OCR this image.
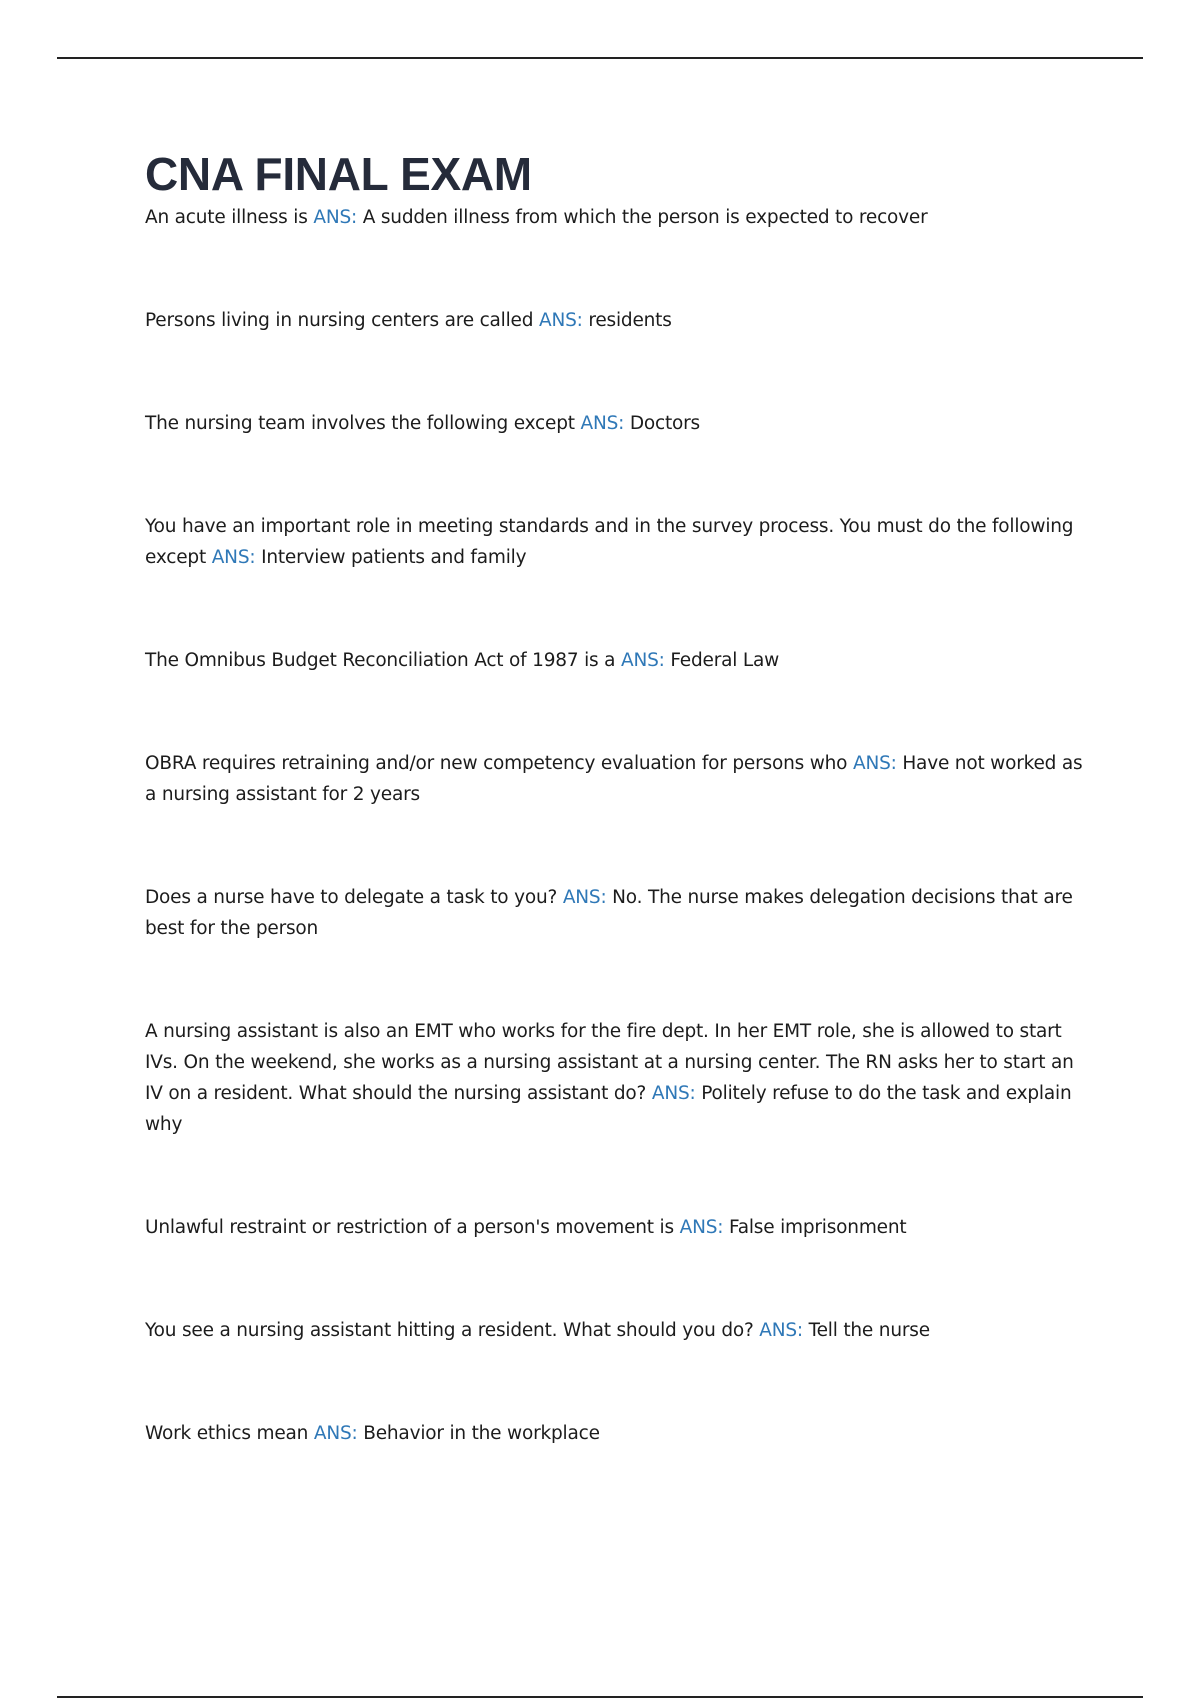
CNA FINAL EXAM

An acute illness is ANS: A sudden illness from which the person is expected to recover

Persons living in nursing centers are called ANS: residents

The nursing team involves the following except ANS: Doctors

You have an important role in meeting standards and in the survey process. You must do the following except ANS: Interview patients and family

The Omnibus Budget Reconciliation Act of 1987 is a ANS: Federal Law

OBRA requires retraining and/or new competency evaluation for persons who ANS: Have not worked as a nursing assistant for 2 years

Does a nurse have to delegate a task to you? ANS: No. The nurse makes delegation decisions that are best for the person

A nursing assistant is also an EMT who works for the fire dept. In her EMT role, she is allowed to start IVs. On the weekend, she works as a nursing assistant at a nursing center. The RN asks her to start an IV on a resident. What should the nursing assistant do? ANS: Politely refuse to do the task and explain why

Unlawful restraint or restriction of a person's movement is ANS: False imprisonment

You see a nursing assistant hitting a resident. What should you do? ANS: Tell the nurse

Work ethics mean ANS: Behavior in the workplace
